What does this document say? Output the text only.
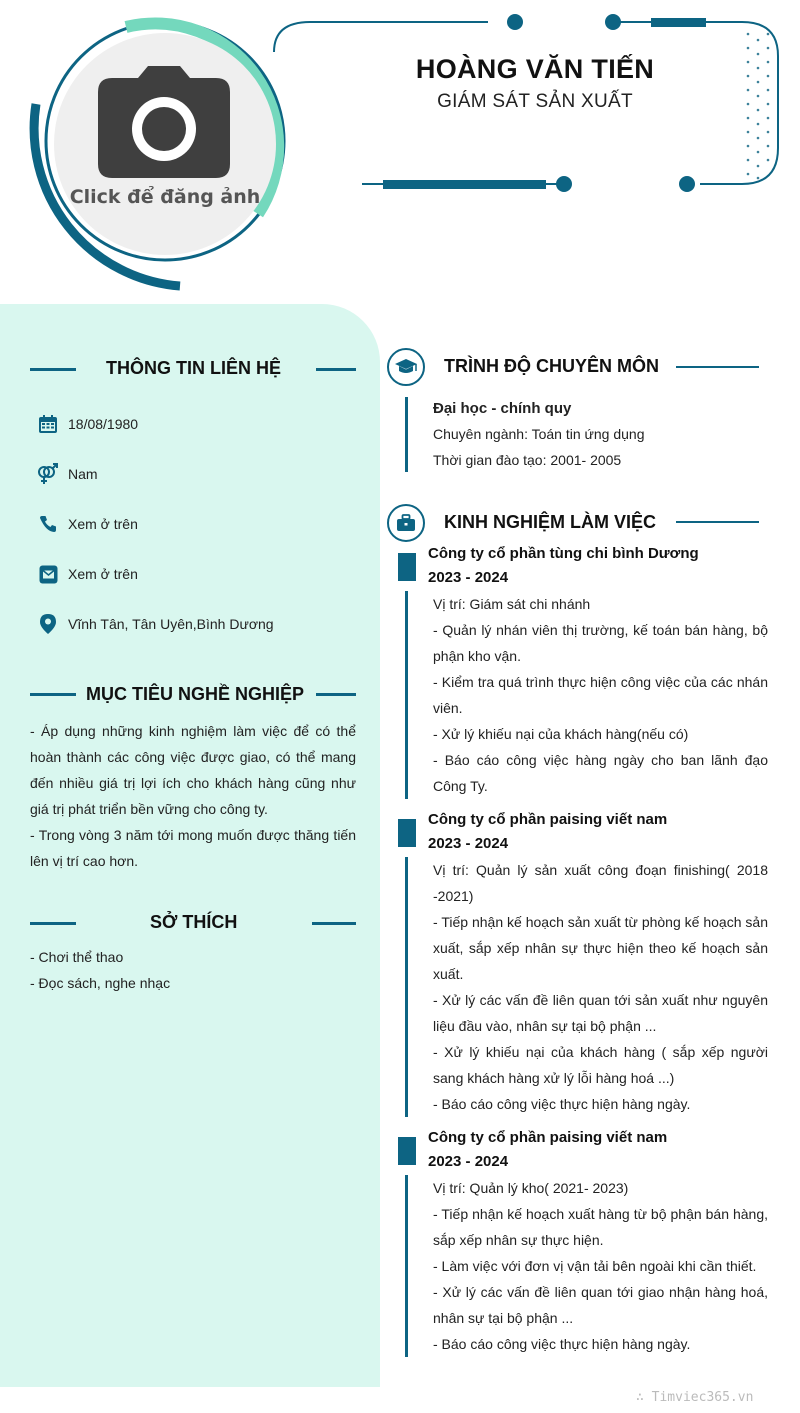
Click để đăng ảnh
HOÀNG VĂN TIẾN
GIÁM SÁT SẢN XUẤT
THÔNG TIN LIÊN HỆ
18/08/1980
Nam
Xem ở trên
Xem ở trên
Vĩnh Tân, Tân Uyên,Bình Dương
MỤC TIÊU NGHỀ NGHIỆP

- Áp dụng những kinh nghiệm làm việc để có thể hoàn thành các công việc được giao, có thể mang đến nhiều giá trị lợi ích cho khách hàng cũng như giá trị phát triển bền vững cho công ty.

- Trong vòng 3 năm tới mong muốn được thăng tiến lên vị trí cao hơn.

SỞ THÍCH

- Chơi thể thao

- Đọc sách, nghe nhạc

TRÌNH ĐỘ CHUYÊN MÔN
Đại học - chính quy
Chuyên ngành: Toán tin ứng dụng
Thời gian đào tạo: 2001- 2005
KINH NGHIỆM LÀM VIỆC
Công ty cổ phần tùng chi bình Dương
2023 - 2024

Vị trí: Giám sát chi nhánh

- Quản lý nhán viên thị trường, kế toán bán hàng, bộ phận kho vận.

- Kiểm tra quá trình thực hiện công việc của các nhán viên.

- Xử lý khiếu nại của khách hàng(nếu có)

- Báo cáo công việc hàng ngày cho ban lãnh đạo Công Ty.

Công ty cổ phần paising viết nam
2023 - 2024

Vị trí: Quản lý sản xuất công đoạn finishing( 2018 -2021)

- Tiếp nhận kế hoạch sản xuất từ phòng kế hoạch sản xuất, sắp xếp nhân sự thực hiện theo kế hoạch sản xuất.

- Xử lý các vấn đề liên quan tới sản xuất như nguyên liệu đầu vào, nhân sự tại bộ phận ...

- Xử lý khiếu nại của khách hàng ( sắp xếp người sang khách hàng xử lý lỗi hàng hoá ...)

- Báo cáo công việc thực hiện hàng ngày.

Công ty cổ phần paising viết nam
2023 - 2024

Vị trí: Quản lý kho( 2021- 2023)

- Tiếp nhận kế hoạch xuất hàng từ bộ phận bán hàng, sắp xếp nhân sự thực hiện.

- Làm việc với đơn vị vận tải bên ngoài khi cần thiết.

- Xử lý các vấn đề liên quan tới giao nhận hàng hoá, nhân sự tại bộ phận ...

- Báo cáo công việc thực hiện hàng ngày.

∴ Timviec365.vn
